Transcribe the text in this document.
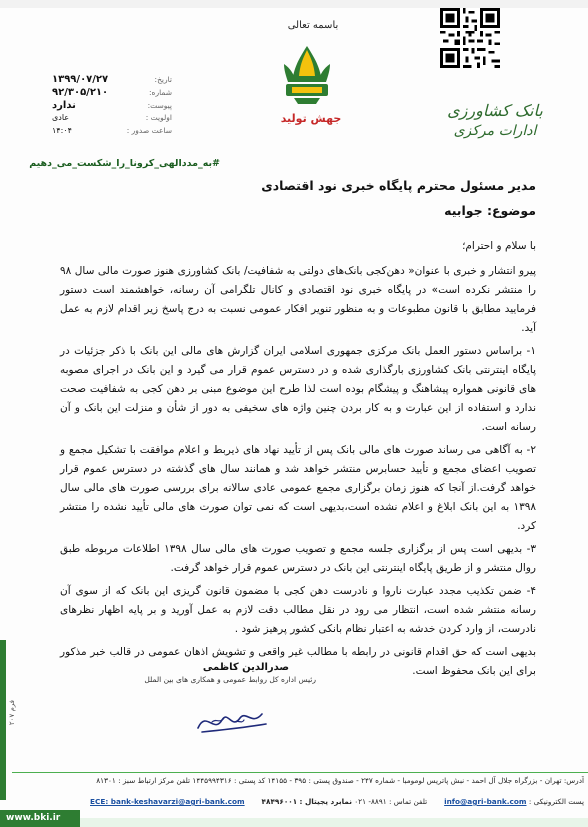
باسمه تعالی
جهش تولید	بانک کشاورزی
ادارات مرکزی
تاریخ:
۱۳۹۹/۰۷/۲۷
شماره:
۹۲/۳۰۵/۲۱۰
پیوست:
ندارد
اولویت :
عادی
ساعت صدور :
۱۴:۰۴
#به_مددالهی_کرونا_را_شکست_می_دهیم
مدیر مسئول محترم پایگاه خبری نود اقتصادی
موضوع: جوابیه
با سلام و احترام؛

پیرو انتشار و خبری با عنوان« دهن‌کجی بانک‌های دولتی به شفافیت/ بانک کشاورزی هنوز صورت مالی سال ۹۸ را منتشر نکرده است» در پایگاه خبری نود اقتصادی و کانال تلگرامی آن رسانه، خواهشمند است دستور فرمایید مطابق با قانون مطبوعات و به منظور تنویر افکار عمومی نسبت به درج پاسخ زیر اقدام لازم به عمل آید.

۱- براساس دستور العمل بانک مرکزی جمهوری اسلامی ایران گزارش های مالی این بانک با ذکر جزئیات در پایگاه اینترنتی بانک کشاورزی بارگذاری شده و در دسترس عموم قرار می گیرد و این بانک در اجرای مصوبه های قانونی همواره پیشاهنگ و پیشگام بوده است لذا طرح این موضوع مبنی بر دهن کجی به شفافیت صحت ندارد و استفاده از این عبارت و به کار بردن چنین واژه های سخیفی به دور از شأن و منزلت این بانک و آن رسانه است.

۲- به آگاهی می رساند صورت های مالی بانک پس از تأیید نهاد های ذیربط و اعلام موافقت با تشکیل مجمع و تصویب اعضای مجمع و تأیید حسابرس منتشر خواهد شد و همانند سال های گذشته در دسترس عموم قرار خواهد گرفت.از آنجا که هنوز زمان برگزاری مجمع عمومی عادی سالانه برای بررسی صورت های مالی سال ۱۳۹۸ به این بانک ابلاغ و اعلام نشده است،بدیهی است که نمی توان صورت های مالی تأیید نشده را منتشر کرد.

۳- بدیهی است پس از برگزاری جلسه مجمع و تصویب صورت های مالی سال ۱۳۹۸ اطلاعات مربوطه طبق روال منتشر و از طریق پایگاه اینترنتی این بانک در دسترس عموم قرار خواهد گرفت.

۴- ضمن تکذیب مجدد عبارت ناروا و نادرست دهن کجی با مضمون قانون گریزی این بانک که از سوی آن رسانه منتشر شده است، انتظار می رود در نقل مطالب دقت لازم به عمل آورید و بر پایه اظهار نظرهای نادرست، از وارد کردن خدشه به اعتبار نظام بانکی کشور پرهیز شود .

بدیهی است که حق اقدام قانونی در رابطه با مطالب غیر واقعی و تشویش اذهان عمومی در قالب خبر مذکور برای این بانک محفوظ است.

صدرالدین کاظمی
رئیس اداره کل روابط عمومی و همکاری های بین الملل
فرم ۲۰۷
آدرس: تهران - بزرگراه جلال آل احمد - نبش پاتریس لومومبا - شماره ۲۴۷ - صندوق پستی : ۳۹۵ - ۱۴۱۵۵ کد پستی : ۱۴۴۵۹۹۴۳۱۶ تلفن مرکز ارتباط سبز : ۸۱۳۰۱
پست الکترونیکی : info@agri-bank.com
تلفن تماس : ۸۸۹۱- ۰۲۱ نمابرد یجیتال : ۴۸۴۹۶۰۰۱
ECE: bank-keshavarzi@agri-bank.com
www.bki.ir
